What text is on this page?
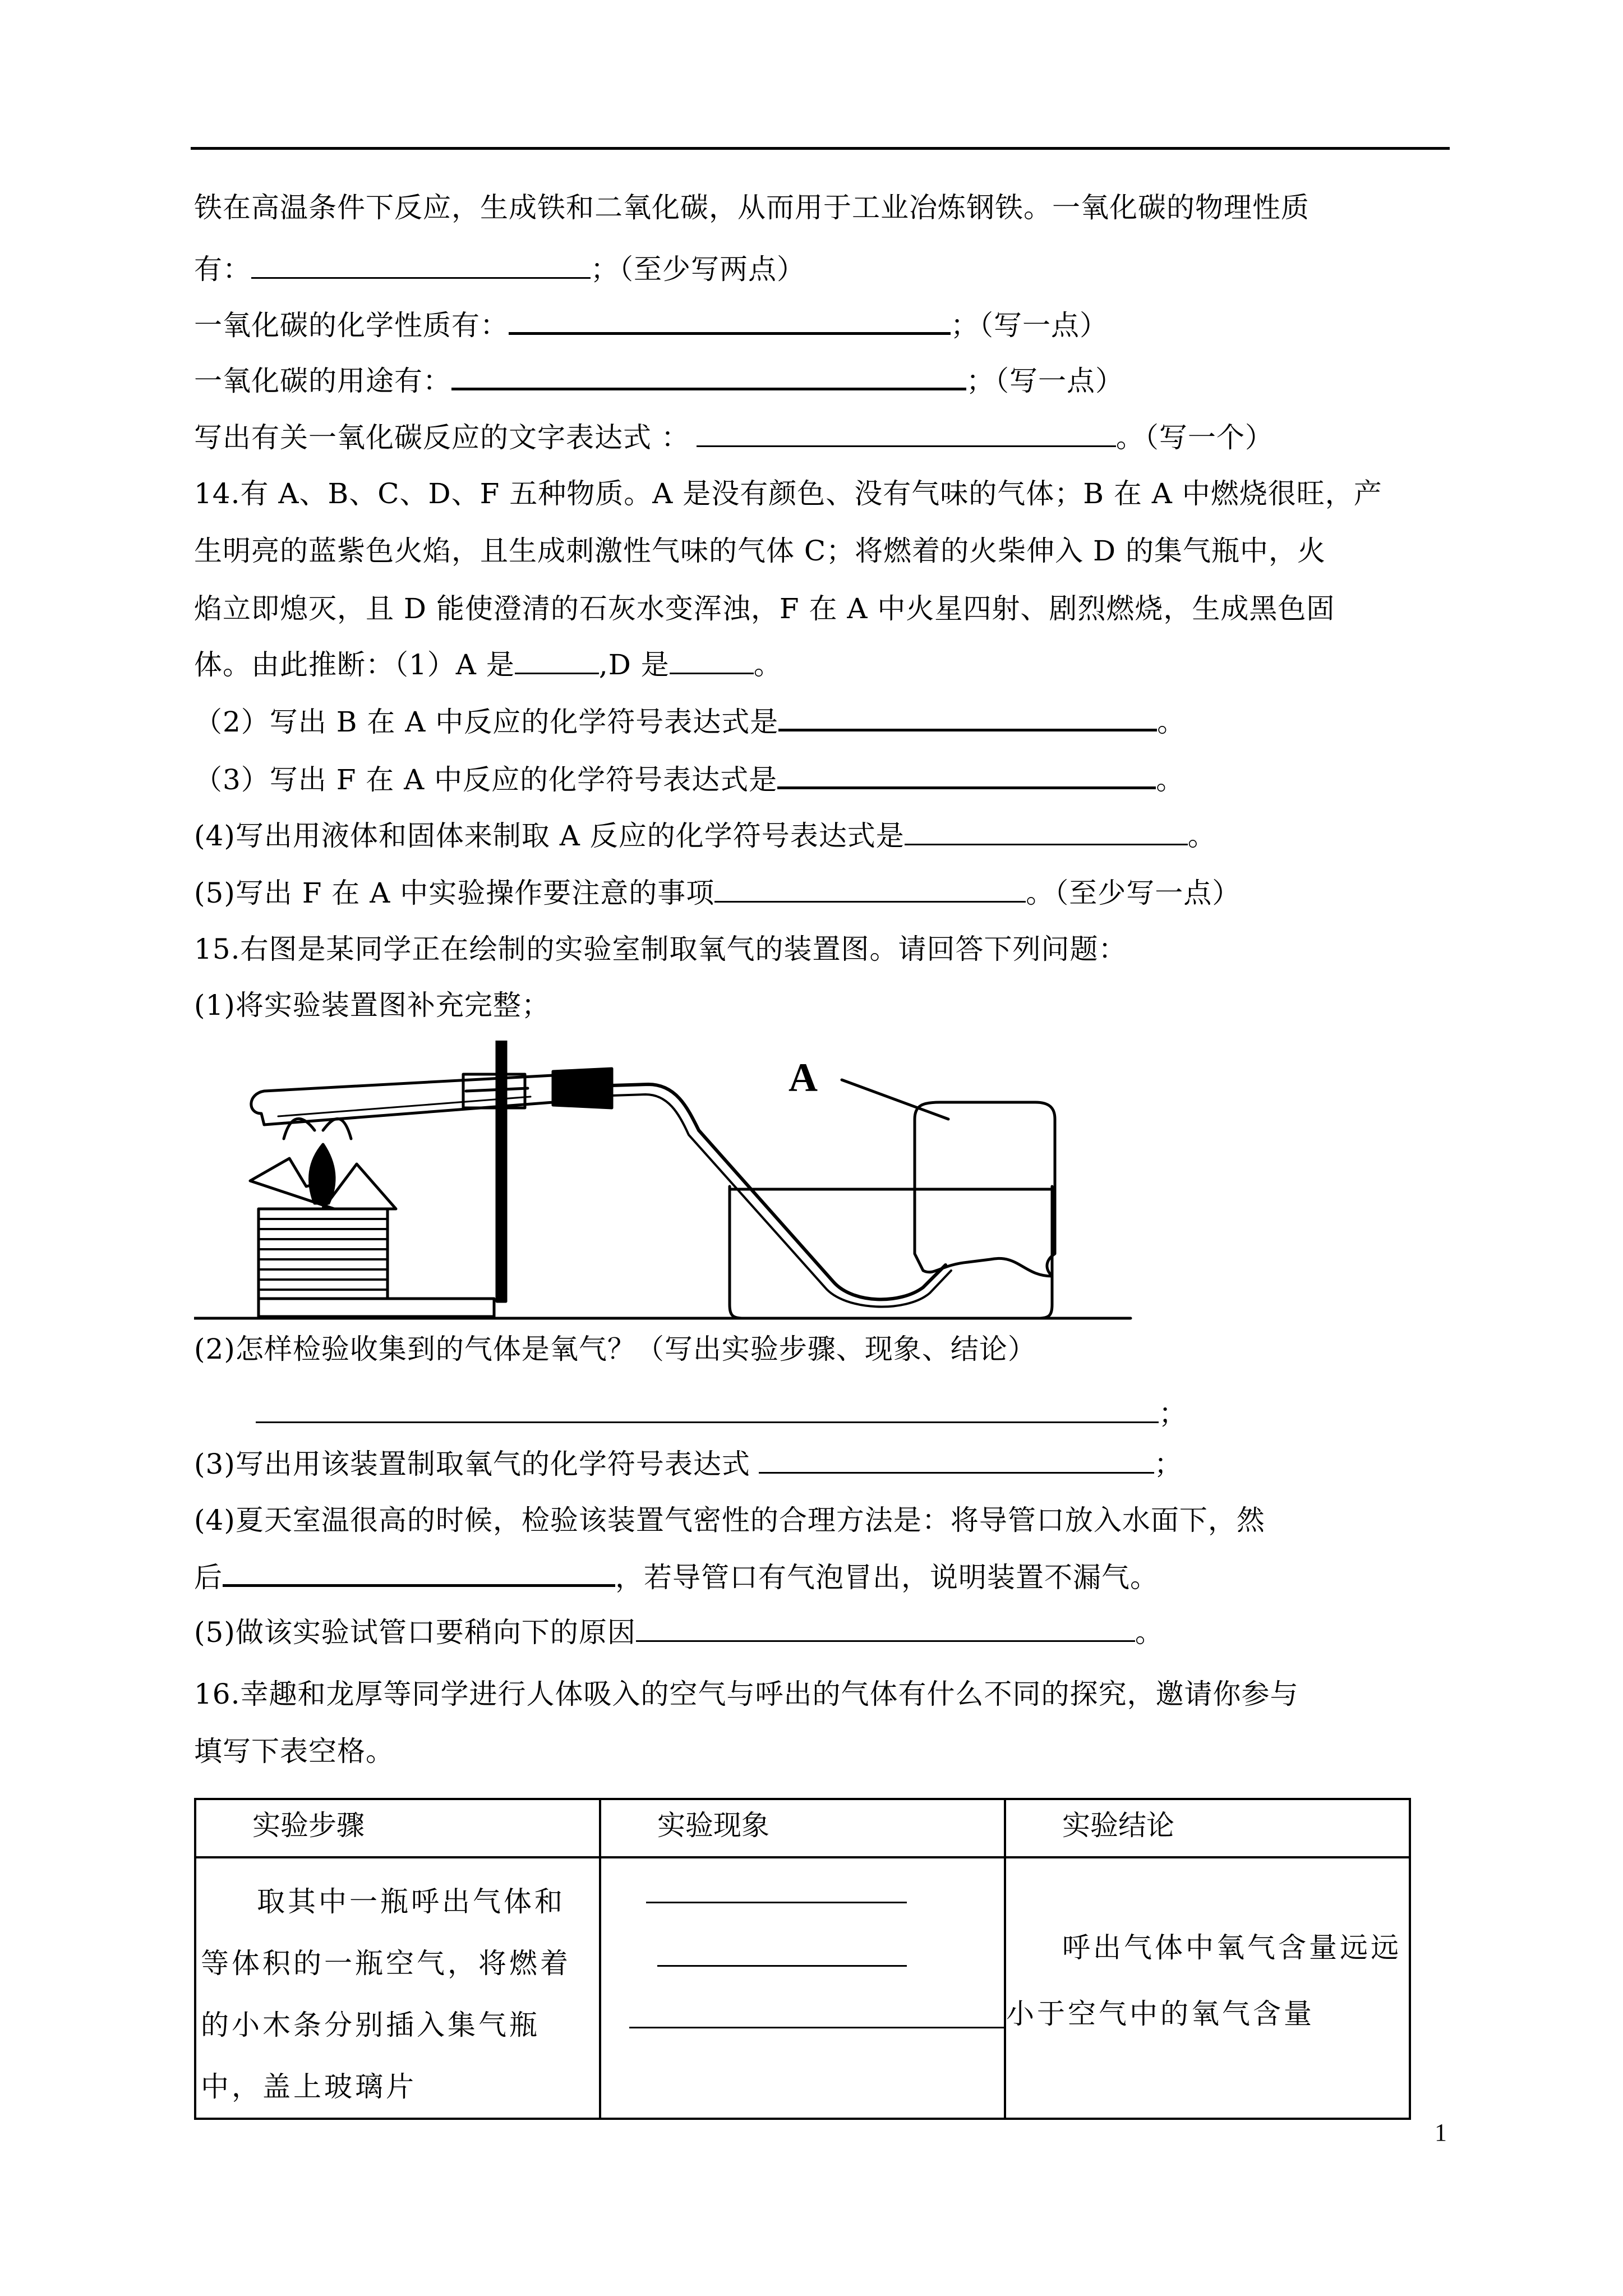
铁在高温条件下反应，生成铁和二氧化碳，从而用于工业冶炼钢铁。一氧化碳的物理性质
有：	；（至少写两点）
一氧化碳的化学性质有：	；（写一点）
一氧化碳的用途有：	；（写一点）
写出有关一氧化碳反应的文字表达式 ：	。（写一个）
14.有 A、B、C、D、F 五种物质。A 是没有颜色、没有气味的气体；B 在 A 中燃烧很旺，产
生明亮的蓝紫色火焰，且生成刺激性气味的气体 C；将燃着的火柴伸入 D 的集气瓶中，火
焰立即熄灭，且 D 能使澄清的石灰水变浑浊，F 在 A 中火星四射、剧烈燃烧，生成黑色固
体。由此推断：（1）A 是	,D 是	。
（2）写出 B 在 A 中反应的化学符号表达式是	。
（3）写出 F 在 A 中反应的化学符号表达式是	。
(4)写出用液体和固体来制取 A 反应的化学符号表达式是	。
(5)写出 F 在 A 中实验操作要注意的事项	。（至少写一点）
15.右图是某同学正在绘制的实验室制取氧气的装置图。请回答下列问题：
(1)将实验装置图补充完整；
A
(2)怎样检验收集到的气体是氧气？（写出实验步骤、现象、结论）
；
(3)写出用该装置制取氧气的化学符号表达式	；
(4)夏天室温很高的时候，检验该装置气密性的合理方法是：将导管口放入水面下，然
后	，若导管口有气泡冒出，说明装置不漏气。
(5)做该实验试管口要稍向下的原因	。
16.幸趣和龙厚等同学进行人体吸入的空气与呼出的气体有什么不同的探究，邀请你参与
填写下表空格。
实验步骤	实验现象	实验结论

取其中一瓶呼出气体和等体积的一瓶空气，将燃着的小木条分别插入集气瓶中，盖上玻璃片		呼出气体中氧气含量远远小于空气中的氧气含量
1
